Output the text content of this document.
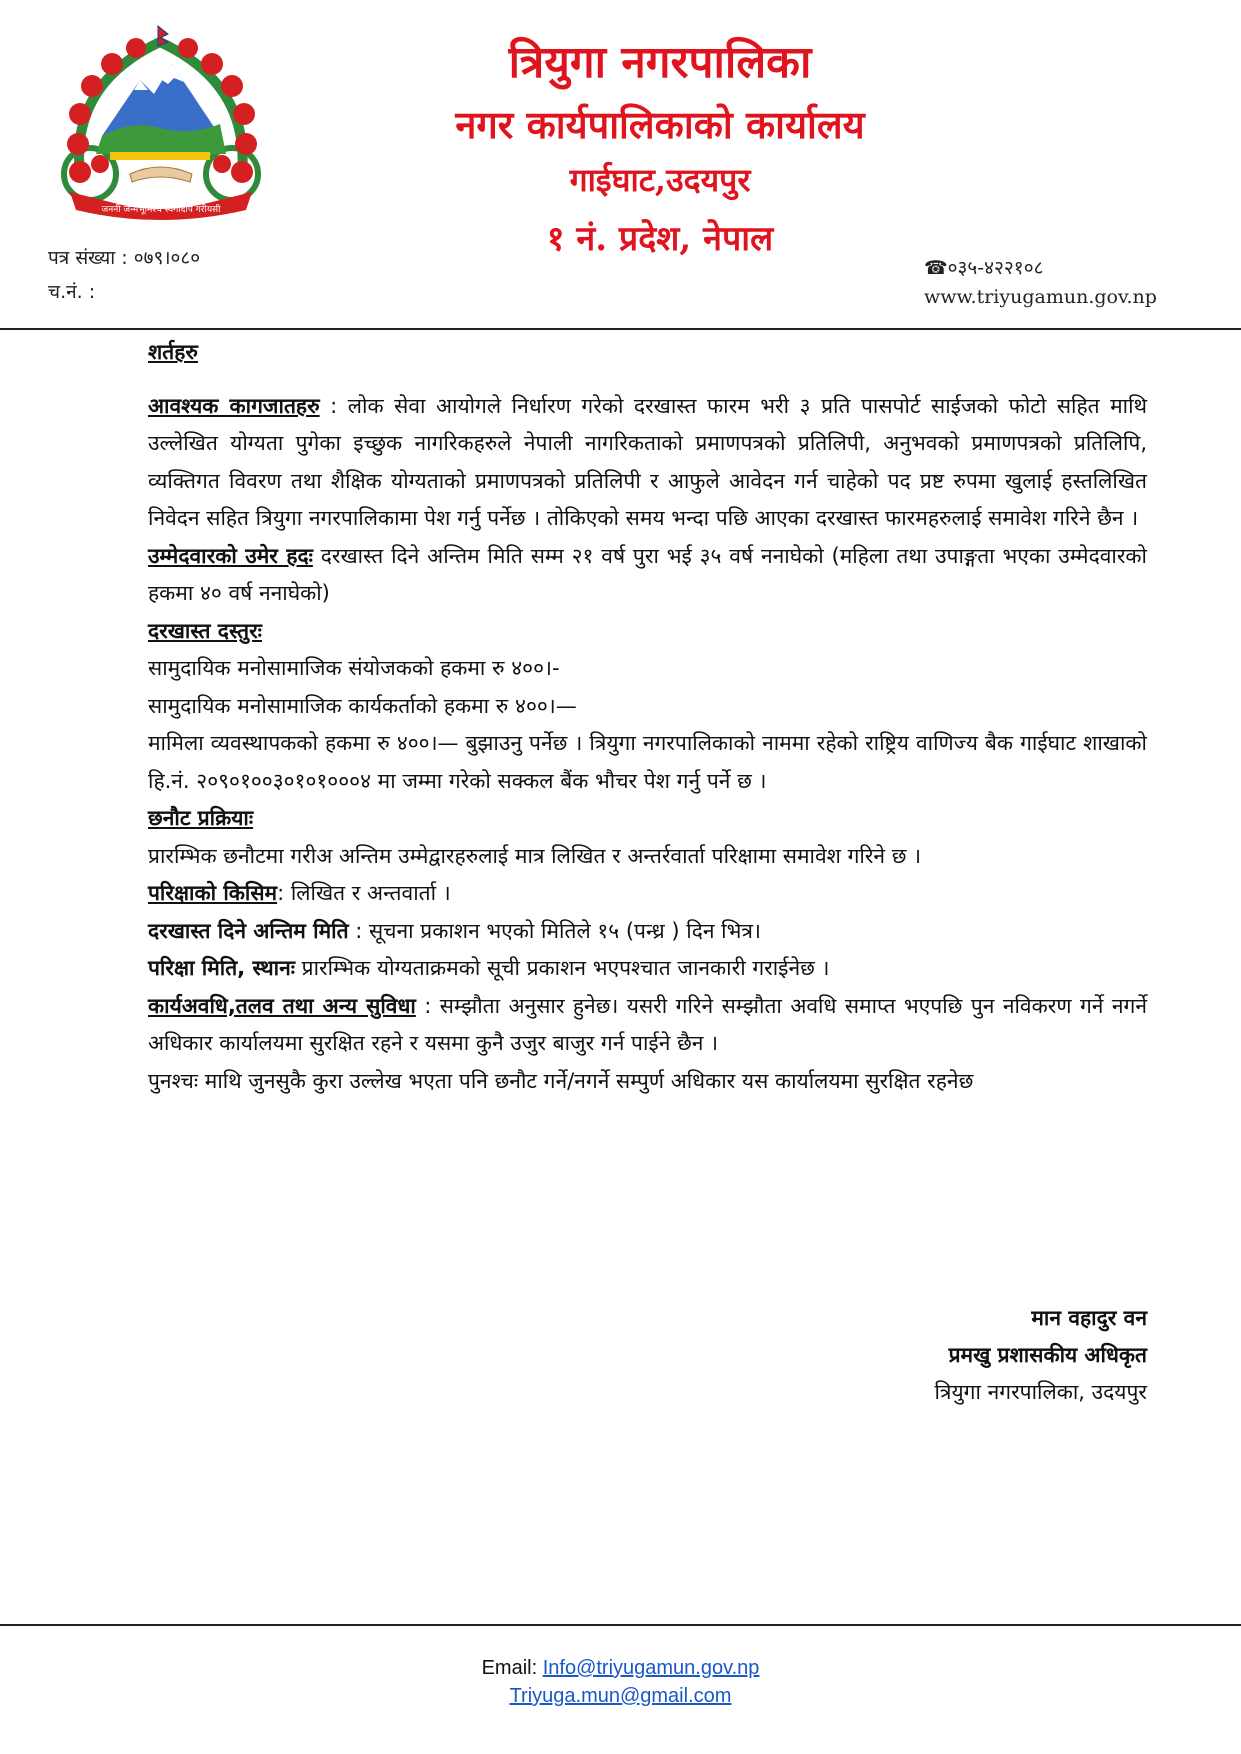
जननी जन्मभूमिश्च स्वर्गादपि गरीयसी
त्रियुगा नगरपालिका
नगर कार्यपालिकाको कार्यालय
गाईघाट,उदयपुर
१ नं. प्रदेश, नेपाल
पत्र संख्या : ०७९।०८०
च.नं. :
☎०३५-४२२१०८
www.triyugamun.gov.np

शर्तहरु

आवश्यक कागजातहरु : लोक सेवा आयोगले निर्धारण गरेको दरखास्त फारम भरी ३ प्रति पासपोर्ट साईजको फोटो सहित माथि उल्लेखित योग्यता पुगेका इच्छुक नागरिकहरुले नेपाली नागरिकताको प्रमाणपत्रको प्रतिलिपी, अनुभवको प्रमाणपत्रको प्रतिलिपि, व्यक्तिगत विवरण तथा शैक्षिक योग्यताको प्रमाणपत्रको प्रतिलिपी र आफुले आवेदन गर्न चाहेको पद प्रष्ट रुपमा खुलाई हस्तलिखित निवेदन सहित त्रियुगा नगरपालिकामा पेश गर्नु पर्नेछ । तोकिएको समय भन्दा पछि आएका दरखास्त फारमहरुलाई समावेश गरिने छैन ।

उम्मेदवारको उमेर हदः दरखास्त दिने अन्तिम मिति सम्म २१ वर्ष पुरा भई ३५ वर्ष ननाघेको (महिला तथा उपाङ्गता भएका उम्मेदवारको हकमा ४० वर्ष ननाघेको)

दरखास्त दस्तुरः

सामुदायिक मनोसामाजिक संयोजकको हकमा रु ४००।-

सामुदायिक मनोसामाजिक कार्यकर्ताको हकमा रु ४००।—

मामिला व्यवस्थापकको हकमा रु ४००।— बुझाउनु पर्नेछ । त्रियुगा नगरपालिकाको नाममा रहेको राष्ट्रिय वाणिज्य बैक गाईघाट शाखाको हि.नं. २०९०१००३०१०१०००४ मा जम्मा गरेको सक्कल बैंक भौचर पेश गर्नु पर्ने छ ।

छनौट प्रक्रियाः

प्रारम्भिक छनौटमा गरीअ अन्तिम उम्मेद्वारहरुलाई मात्र लिखित र अन्तर्रवार्ता परिक्षामा समावेश गरिने छ ।

परिक्षाको किसिम: लिखित र अन्तवार्ता ।

दरखास्त दिने अन्तिम मिति : सूचना प्रकाशन भएको मितिले १५ (पन्ध्र ) दिन भित्र।

परिक्षा मिति, स्थानः प्रारम्भिक योग्यताक्रमको सूची प्रकाशन भएपश्चात जानकारी गराईनेछ ।

कार्यअवधि,तलव तथा अन्य सुविधा : सम्झौता अनुसार हुनेछ। यसरी गरिने सम्झौता अवधि समाप्त भएपछि पुन नविकरण गर्ने नगर्ने अधिकार कार्यालयमा सुरक्षित रहने र यसमा कुनै उजुर बाजुर गर्न पाईने छैन ।

पुनश्चः माथि जुनसुकै कुरा उल्लेख भएता पनि छनौट गर्ने/नगर्ने सम्पुर्ण अधिकार यस कार्यालयमा सुरक्षित रहनेछ

मान वहादुर वन
प्रमखु प्रशासकीय अधिकृत
त्रियुगा नगरपालिका, उदयपुर
Email: Info@triyugamun.gov.np
Triyuga.mun@gmail.com
